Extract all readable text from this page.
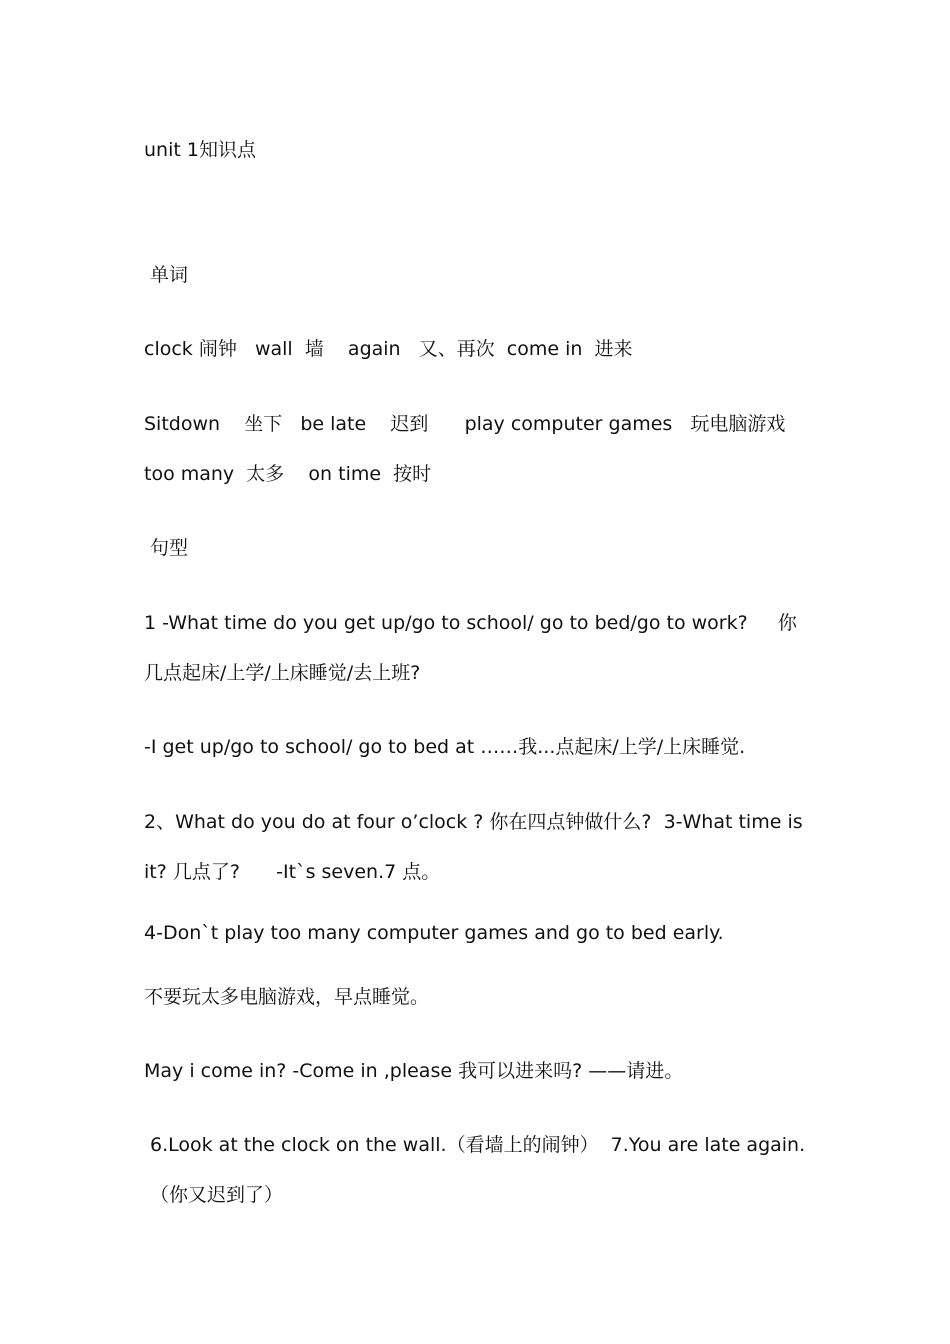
unit 1知识点
单词
clock 闹钟   wall  墙    again   又、再次  come in  进来
Sitdown    坐下   be late    迟到      play computer games   玩电脑游戏
too many  太多    on time  按时
句型
1 -What time do you get up/go to school/ go to bed/go to work?     你
几点起床/上学/上床睡觉/去上班?
-I get up/go to school/ go to bed at ……我...点起床/上学/上床睡觉.
2、What do you do at four o’clock ? 你在四点钟做什么?  3-What time is
it? 几点了?      -It`s seven.7 点。
4-Don`t play too many computer games and go to bed early.
不要玩太多电脑游戏，早点睡觉。
May i come in? -Come in ,please 我可以进来吗? ——请进。
6.Look at the clock on the wall.（看墙上的闹钟）  7.You are late again.
（你又迟到了）
